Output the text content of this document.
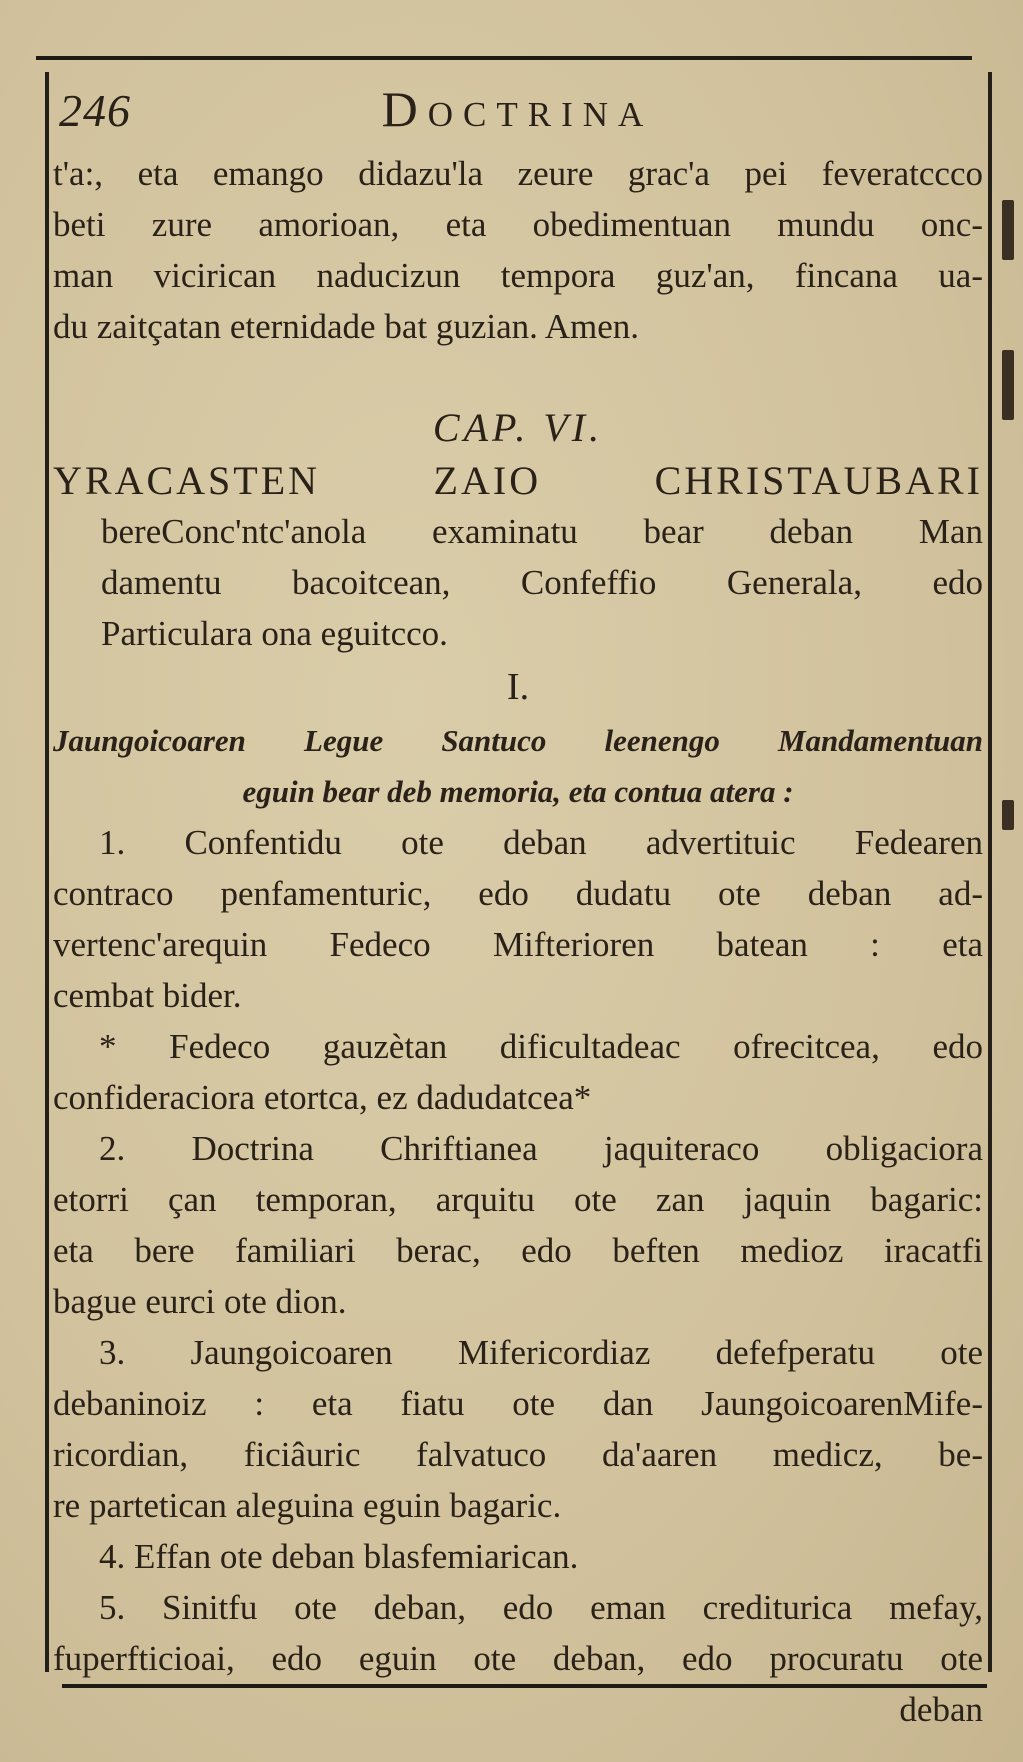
246	Doctrina
t'a:, eta emango didazu'la zeure grac'a pei feveratccco
beti zure amorioan, eta obedimentuan mundu onc-
man vicirican naducizun tempora guz'an, fincana ua-
du zaitçatan eternidade bat guzian. Amen.
CAP. VI.
YRACASTEN ZAIO CHRISTAUBARI
bereConc'ntc'anola examinatu bear deban Man
damentu bacoitcean, Confeffio Generala, edo
Particulara ona eguitcco.
I.
Jaungoicoaren Legue Santuco leenengo Mandamentuan
eguin bear deb memoria, eta contua atera :
1. Confentidu ote deban advertituic Fedearen
contraco penfamenturic, edo dudatu ote deban ad-
vertenc'arequin Fedeco Mifterioren batean : eta
cembat bider.
* Fedeco gauzètan dificultadeac ofrecitcea, edo
confideraciora etortca, ez dadudatcea*
2. Doctrina Chriftianea jaquiteraco obligaciora
etorri çan temporan, arquitu ote zan jaquin bagaric:
eta bere familiari berac, edo beften medioz iracatfi
bague eurci ote dion.
3. Jaungoicoaren Mifericordiaz defefperatu ote
debaninoiz : eta fiatu ote dan JaungoicoarenMife-
ricordian, ficiâuric falvatuco da'aaren medicz, be-
re partetican aleguina eguin bagaric.
4. Effan ote deban blasfemiarican.
5. Sinitfu ote deban, edo eman crediturica mefay,
fuperfticioai, edo eguin ote deban, edo procuratu ote
deban
